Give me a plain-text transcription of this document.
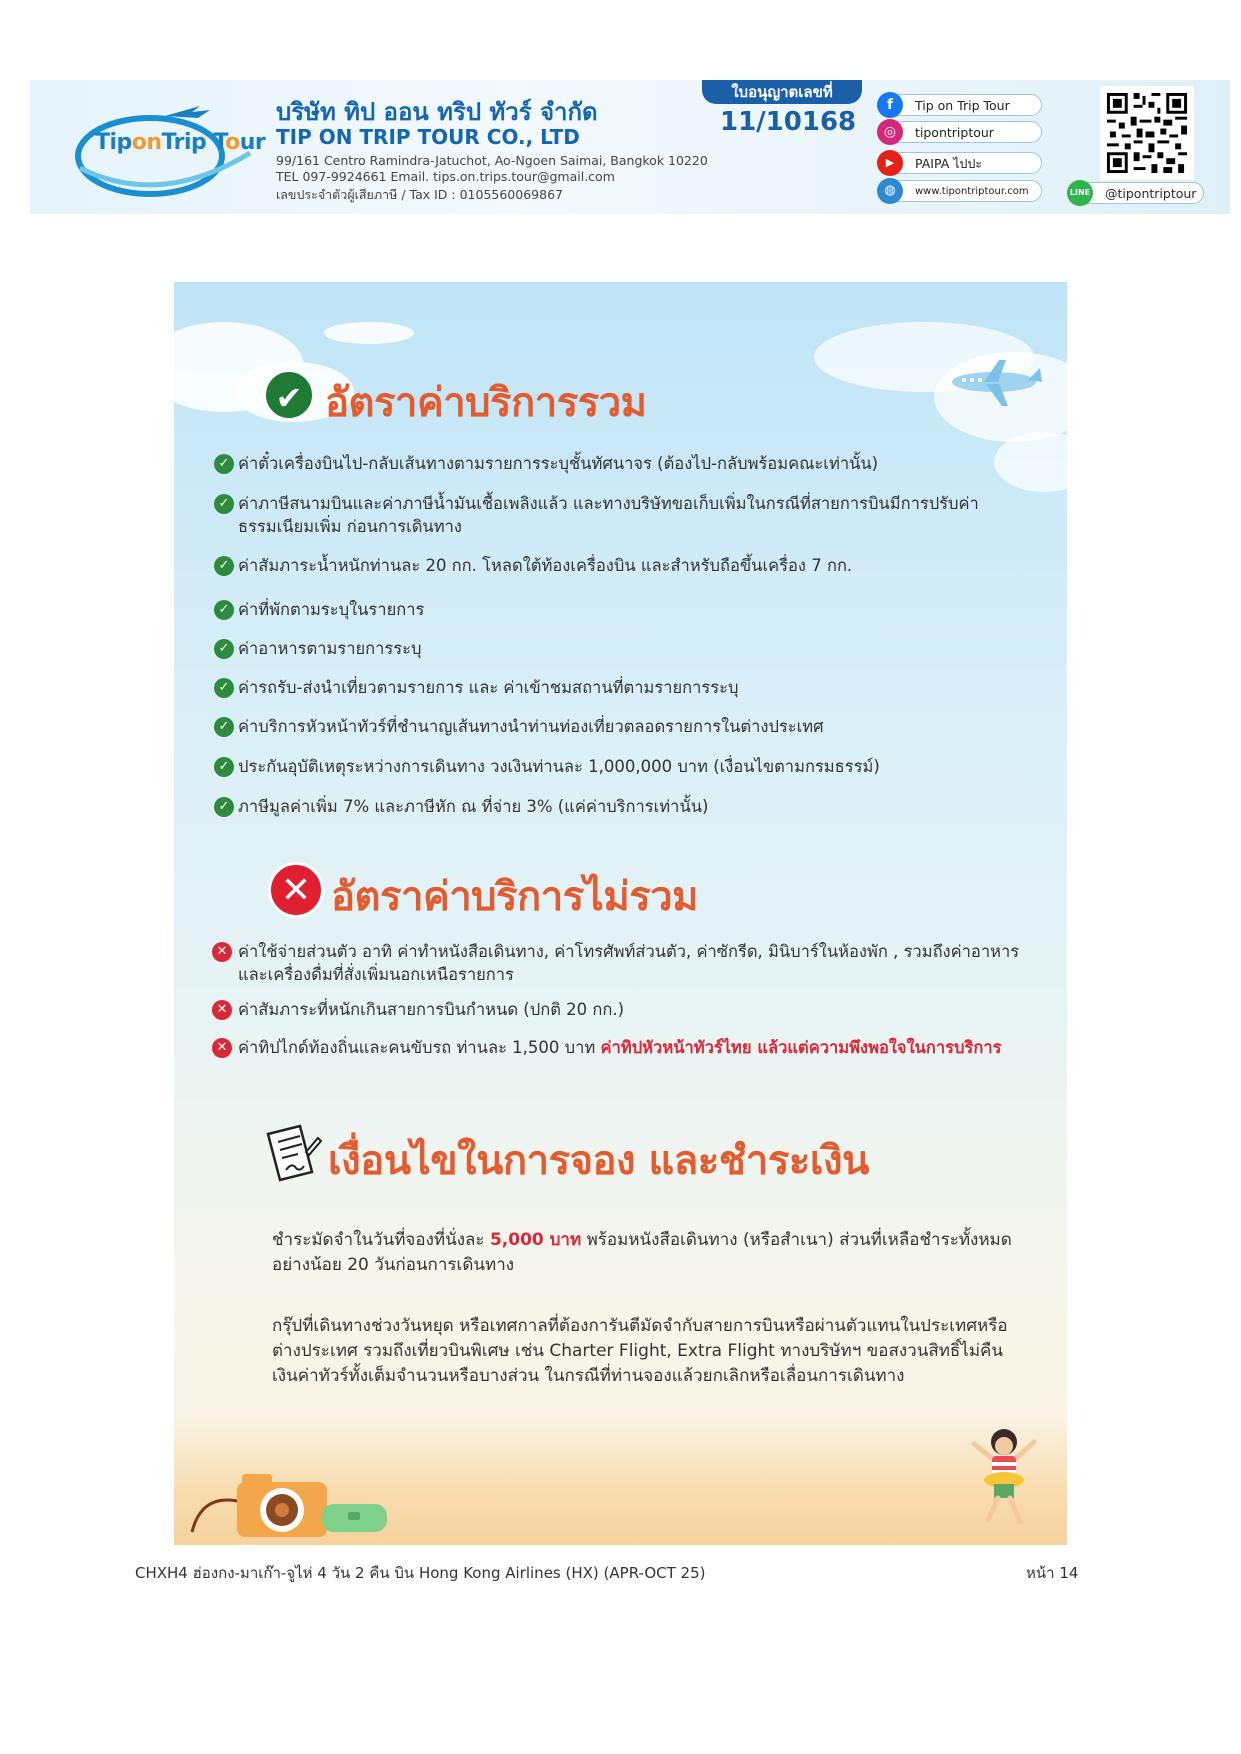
TiponTrip Tour
บริษัท ทิป ออน ทริป ทัวร์ จำกัด
TIP ON TRIP TOUR CO., LTD
99/161 Centro Ramindra-Jatuchot, Ao-Ngoen Saimai, Bangkok 10220
TEL 097-9924661 Email. tips.on.trips.tour@gmail.com
เลขประจำตัวผู้เสียภาษี / Tax ID : 0105560069867
ใบอนุญาตเลขที่
11/10168
f	Tip on Trip Tour
◎	tipontriptour
▶	PAIPA ไปปะ
◍	www.tipontriptour.com	LINE @tipontriptour
✔ อัตราค่าบริการรวม
✓ ค่าตั๋วเครื่องบินไป-กลับเส้นทางตามรายการระบุชั้นทัศนาจร (ต้องไป-กลับพร้อมคณะเท่านั้น)
✓ ค่าภาษีสนามบินและค่าภาษีน้ำมันเชื้อเพลิงแล้ว และทางบริษัทขอเก็บเพิ่มในกรณีที่สายการบินมีการปรับค่าธรรมเนียมเพิ่ม ก่อนการเดินทาง
✓ ค่าสัมภาระน้ำหนักท่านละ 20 กก. โหลดใต้ท้องเครื่องบิน และสำหรับถือขึ้นเครื่อง 7 กก.
✓ ค่าที่พักตามระบุในรายการ
✓ ค่าอาหารตามรายการระบุ
✓ ค่ารถรับ-ส่งนำเที่ยวตามรายการ และ ค่าเข้าชมสถานที่ตามรายการระบุ
✓ ค่าบริการหัวหน้าทัวร์ที่ชำนาญเส้นทางนำท่านท่องเที่ยวตลอดรายการในต่างประเทศ
✓ ประกันอุบัติเหตุระหว่างการเดินทาง วงเงินท่านละ 1,000,000 บาท (เงื่อนไขตามกรมธรรม์)
✓ ภาษีมูลค่าเพิ่ม 7% และภาษีหัก ณ ที่จ่าย 3% (แค่ค่าบริการเท่านั้น)
✕ อัตราค่าบริการไม่รวม
✕ ค่าใช้จ่ายส่วนตัว อาทิ ค่าทำหนังสือเดินทาง, ค่าโทรศัพท์ส่วนตัว, ค่าซักรีด, มินิบาร์ในห้องพัก , รวมถึงค่าอาหารและเครื่องดื่มที่สั่งเพิ่มนอกเหนือรายการ
✕ ค่าสัมภาระที่หนักเกินสายการบินกำหนด (ปกติ 20 กก.)
✕ ค่าทิปไกด์ท้องถิ่นและคนขับรถ ท่านละ 1,500 บาท ค่าทิปหัวหน้าทัวร์ไทย แล้วแต่ความพึงพอใจในการบริการ
เงื่อนไขในการจอง และชำระเงิน
ชำระมัดจำในวันที่จองที่นั่งละ 5,000 บาท พร้อมหนังสือเดินทาง (หรือสำเนา) ส่วนที่เหลือชำระทั้งหมดอย่างน้อย 20 วันก่อนการเดินทาง
กรุ๊ปที่เดินทางช่วงวันหยุด หรือเทศกาลที่ต้องการันตีมัดจำกับสายการบินหรือผ่านตัวแทนในประเทศหรือ ต่างประเทศ รวมถึงเที่ยวบินพิเศษ เช่น Charter Flight, Extra Flight ทางบริษัทฯ ขอสงวนสิทธิ์ไม่คืนเงินค่าทัวร์ทั้งเต็มจำนวนหรือบางส่วน ในกรณีที่ท่านจองแล้วยกเลิกหรือเลื่อนการเดินทาง
CHXH4 ฮ่องกง-มาเก๊า-จูไห่ 4 วัน 2 คืน บิน Hong Kong Airlines (HX) (APR-OCT 25)	หน้า 14
